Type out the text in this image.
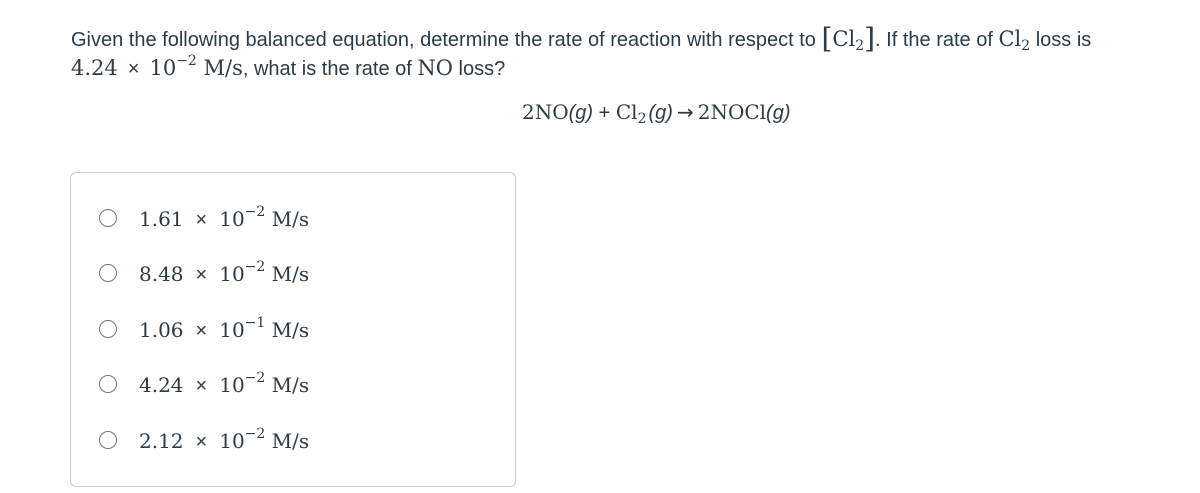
Given the following balanced equation, determine the rate of reaction with respect to $[Cl_2]$. If the rate of $Cl_2$ loss is
$4.24 \times 10^{-2}$ M/s, what is the rate of NO loss?
$2NO(g) + Cl_2$ (g) → 2NOCl(g)
$1.61 \times 10^{-2}$ M/s
$8.48 \times 10^{-2}$ M/s
$1.06 \times 10^{-1}$ M/s
$4.24 \times 10^{-2}$ M/s
$2.12 \times 10^{-2}$ M/s
